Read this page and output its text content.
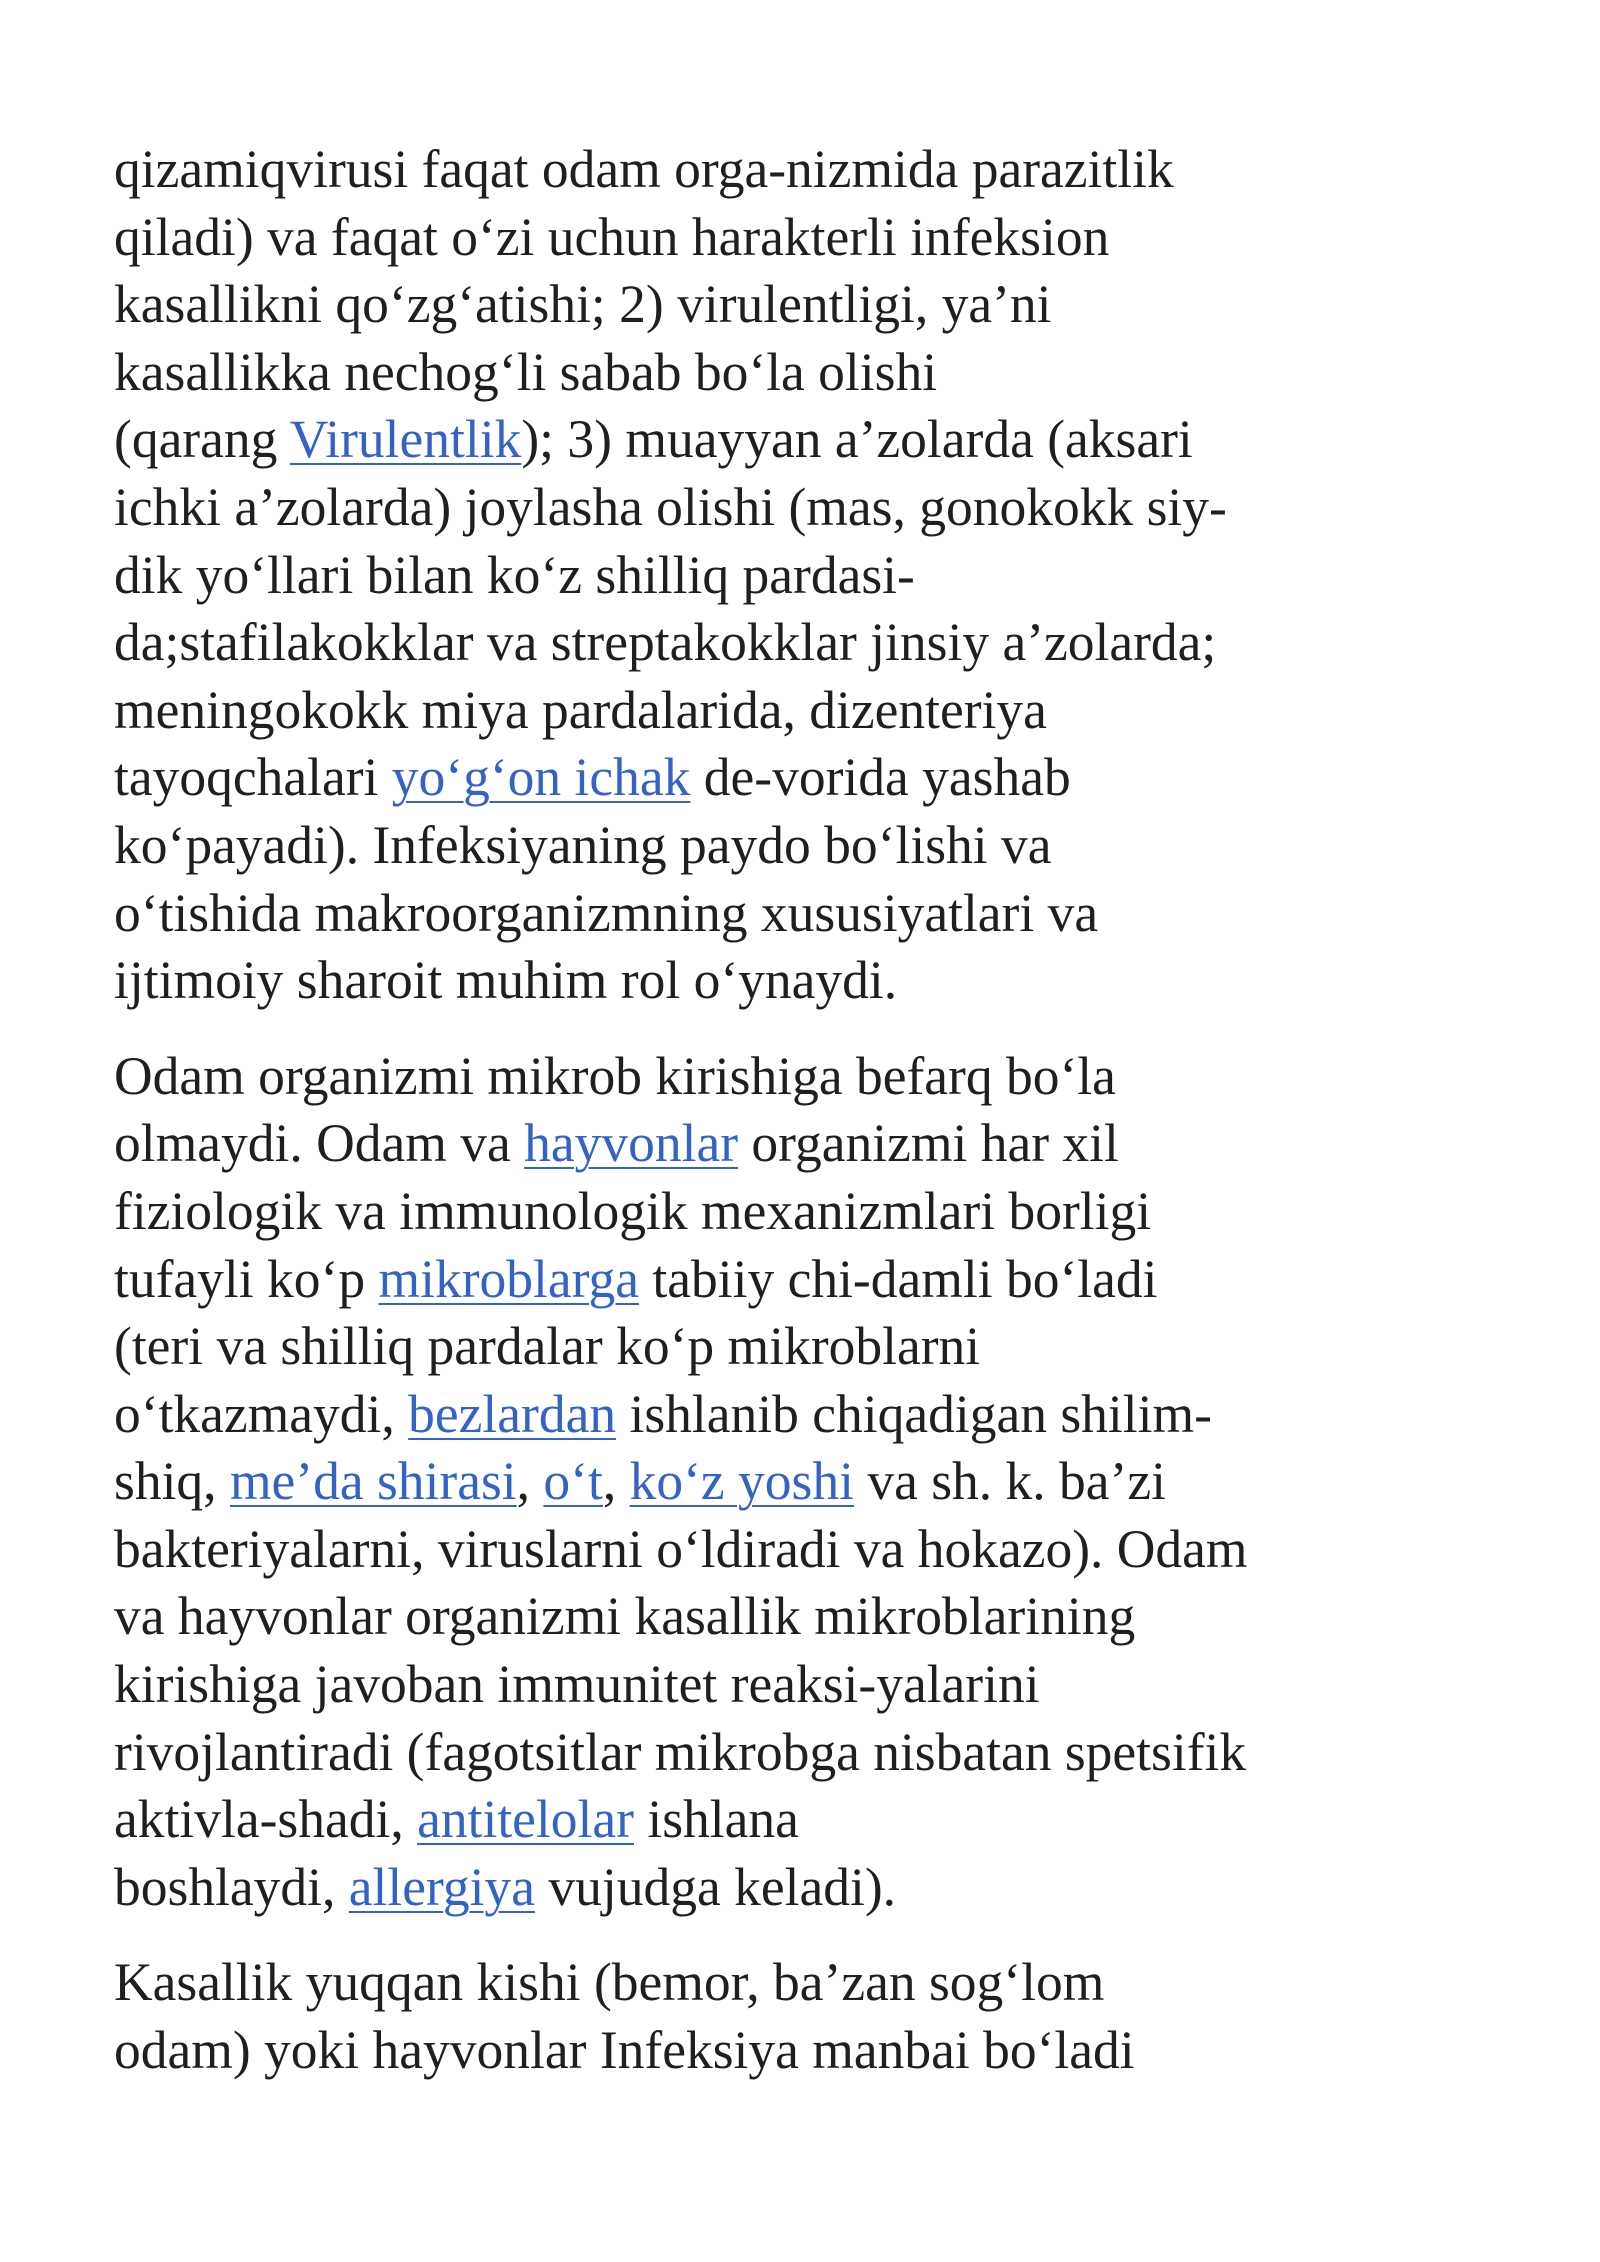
qizamiqvirusi faqat odam orga-nizmida parazitlik
qiladi) va faqat o‘zi uchun harakterli infeksion
kasallikni qo‘zg‘atishi; 2) virulentligi, ya’ni
kasallikka nechog‘li sabab bo‘la olishi
(qarang Virulentlik); 3) muayyan a’zolarda (aksari
ichki a’zolarda) joylasha olishi (mas, gonokokk siy-
dik yo‘llari bilan ko‘z shilliq pardasi-
da;stafilakokklar va streptakokklar jinsiy a’zolarda;
meningokokk miya pardalarida, dizenteriya
tayoqchalari yo‘g‘on ichak de-vorida yashab
ko‘payadi). Infeksiyaning paydo bo‘lishi va
o‘tishida makroorganizmning xususiyatlari va
ijtimoiy sharoit muhim rol o‘ynaydi.

Odam organizmi mikrob kirishiga befarq bo‘la
olmaydi. Odam va hayvonlar organizmi har xil
fiziologik va immunologik mexanizmlari borligi
tufayli ko‘p mikroblarga tabiiy chi-damli bo‘ladi
(teri va shilliq pardalar ko‘p mikroblarni
o‘tkazmaydi, bezlardan ishlanib chiqadigan shilim-
shiq, me’da shirasi, o‘t, ko‘z yoshi va sh. k. ba’zi
bakteriyalarni, viruslarni o‘ldiradi va hokazo). Odam
va hayvonlar organizmi kasallik mikroblarining
kirishiga javoban immunitet reaksi-yalarini
rivojlantiradi (fagotsitlar mikrobga nisbatan spetsifik
aktivla-shadi, antitelolar ishlana
boshlaydi, allergiya vujudga keladi).

Kasallik yuqqan kishi (bemor, ba’zan sog‘lom
odam) yoki hayvonlar Infeksiya manbai bo‘ladi
